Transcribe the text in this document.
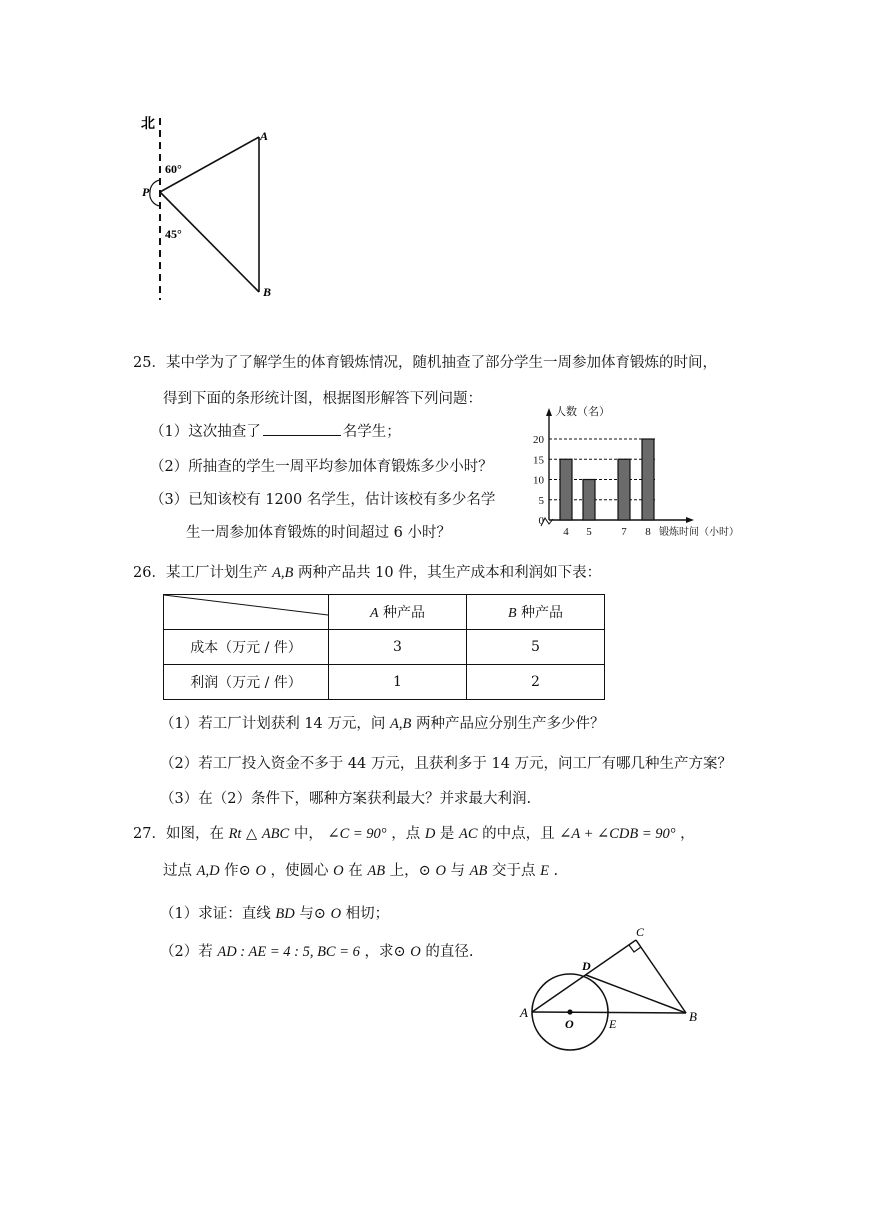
北
A
P
B
60°
45°
25．某中学为了了解学生的体育锻炼情况，随机抽查了部分学生一周参加体育锻炼的时间，
得到下面的条形统计图，根据图形解答下列问题：
（1）这次抽查了	名学生；
（2）所抽查的学生一周平均参加体育锻炼多少小时？
（3）已知该校有 1200 名学生，估计该校有多少名学
生一周参加体育锻炼的时间超过 6 小时？
0
5
10
15
20
4 5	7 8
人数（名）
锻炼时间（小时）
26．某工厂计划生产 A,B 两种产品共 10 件，其生产成本和利润如下表：
	A 种产品	B 种产品
成本（万元 / 件）	3	5
利润（万元 / 件）	1	2
（1）若工厂计划获利 14 万元，问 A,B 两种产品应分别生产多少件？
（2）若工厂投入资金不多于 44 万元，且获利多于 14 万元，问工厂有哪几种生产方案？
（3）在（2）条件下，哪种方案获利最大？并求最大利润.
27．如图，在 Rt △ ABC 中， ∠C = 90° ，点 D 是 AC 的中点，且 ∠A + ∠CDB = 90° ，
过点 A,D 作⊙ O ，使圆心 O 在 AB 上，⊙ O 与 AB 交于点 E .
（1）求证：直线 BD 与⊙ O 相切；
（2）若 AD : AE = 4 : 5, BC = 6 ，求⊙ O 的直径.
A	B
C
D
O	E
